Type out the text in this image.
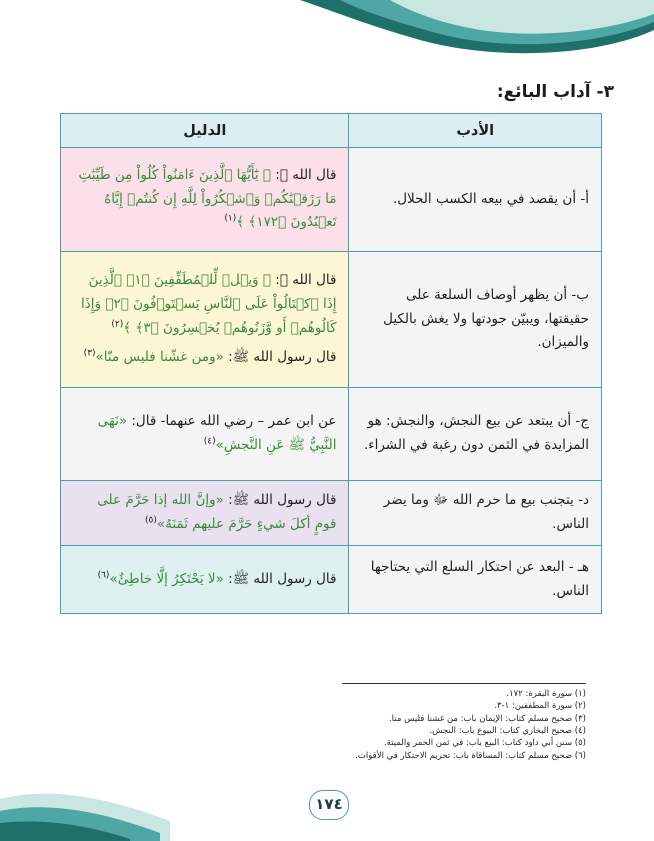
٣-آداب البائع:
الأدب	الدليل
أ- أن يقصد في بيعه الكسب الحلال.	قال الله ﷻ: ﴿ يَٰٓأَيُّهَا ٱلَّذِينَ ءَامَنُواْ كُلُواْ مِن طَيِّبَٰتِ مَا رَزَقۡنَٰكُمۡ وَٱشۡكُرُواْ لِلَّهِ إِن كُنتُمۡ إِيَّاهُ تَعۡبُدُونَ ﴿١٧٢﴾ ﴾$^{(١)}$

ب- أن يظهر أوصاف السلعة على حقيقتها، ويبيّن جودتها ولا يغش بالكيل والميزان.	قال الله ﷻ: ﴿ وَيۡلٞ لِّلۡمُطَفِّفِينَ ﴿١﴾ ٱلَّذِينَ إِذَا ٱكۡتَالُواْ عَلَى ٱلنَّاسِ يَسۡتَوۡفُونَ ﴿٢﴾ وَإِذَا كَالُوهُمۡ أَو وَّزَنُوهُمۡ يُخۡسِرُونَ ﴿٣﴾ ﴾$^{(٢)}$
قال رسول الله ﷺ: «ومن غشّنا فليس منّا»$^{(٣)}$

ج- أن يبتعد عن بيع النجش، والنجش: هو المزايدة في الثمن دون رغبة في الشراء.	عن ابن عمر – رضي الله عنهما- قال: «نَهَى النَّبِيُّ ﷺ عَنِ النَّجشِ»$^{(٤)}$

د- يتجنب بيع ما حرم الله ﷻ وما يضر الناس.	قال رسول الله ﷺ: «وإنَّ الله إذا حَرَّمَ على قومٍ أكلَ شيءٍ حَرَّمَ عليهم ثَمَنَهُ»$^{(٥)}$

هـ - البعد عن احتكار السلع التي يحتاجها الناس.	قال رسول الله ﷺ: «لا يَحْتَكِرُ إلَّا خاطِئٌ»$^{(٦)}$

(١) سورة البقرة: ١٧٢.

(٢) سورة المطففين: ١-٣.

(٣) صحيح مسلم كتاب: الإيمان باب: من غشنا فليس منا.

(٤) صحيح البخاري كتاب: البيوع باب: النجش.

(٥) سنن أبي داود كتاب: البيع باب: في ثمن الخمر والميتة.

(٦) صحيح مسلم كتاب: المساقاة باب: تحريم الاحتكار في الأقوات.

١٧٤
